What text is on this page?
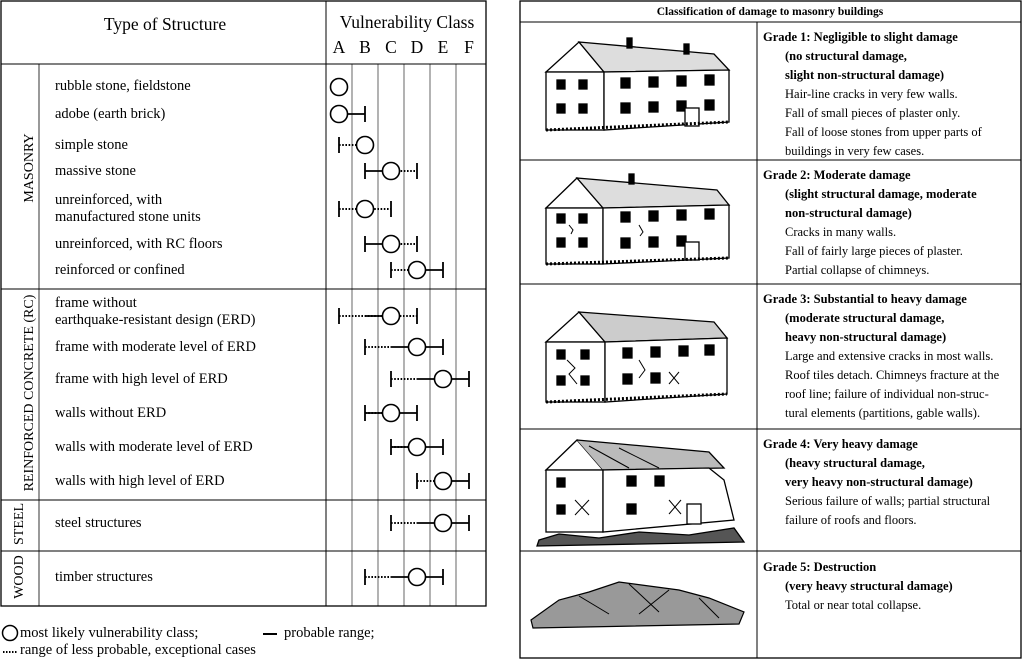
Type of Structure	Vulnerability Class
A B C D E F
MASONRY
REINFORCED CONCRETE (RC)
STEEL
WOOD
rubble stone, fieldstone
adobe (earth brick)
simple stone
massive stone
unreinforced, with
manufactured stone units
unreinforced, with RC floors
reinforced or confined
frame without
earthquake-resistant design (ERD)
frame with moderate level of ERD
frame with high level of ERD
walls without ERD
walls with moderate level of ERD
walls with high level of ERD
steel structures
timber structures
most likely vulnerability class;	probable range;
range of less probable, exceptional cases
Classification of damage to masonry buildings
Grade 1: Negligible to slight damage
(no structural damage,
slight non-structural damage)
Hair-line cracks in very few walls.
Fall of small pieces of plaster only.
Fall of loose stones from upper parts of
buildings in very few cases.
Grade 2: Moderate damage
(slight structural damage, moderate
non-structural damage)
Cracks in many walls.
Fall of fairly large pieces of plaster.
Partial collapse of chimneys.
Grade 3: Substantial to heavy damage
(moderate structural damage,
heavy non-structural damage)
Large and extensive cracks in most walls.
Roof tiles detach. Chimneys fracture at the
roof line; failure of individual non-struc-
tural elements (partitions, gable walls).
Grade 4: Very heavy damage
(heavy structural damage,
very heavy non-structural damage)
Serious failure of walls; partial structural
failure of roofs and floors.
Grade 5: Destruction
(very heavy structural damage)
Total or near total collapse.
